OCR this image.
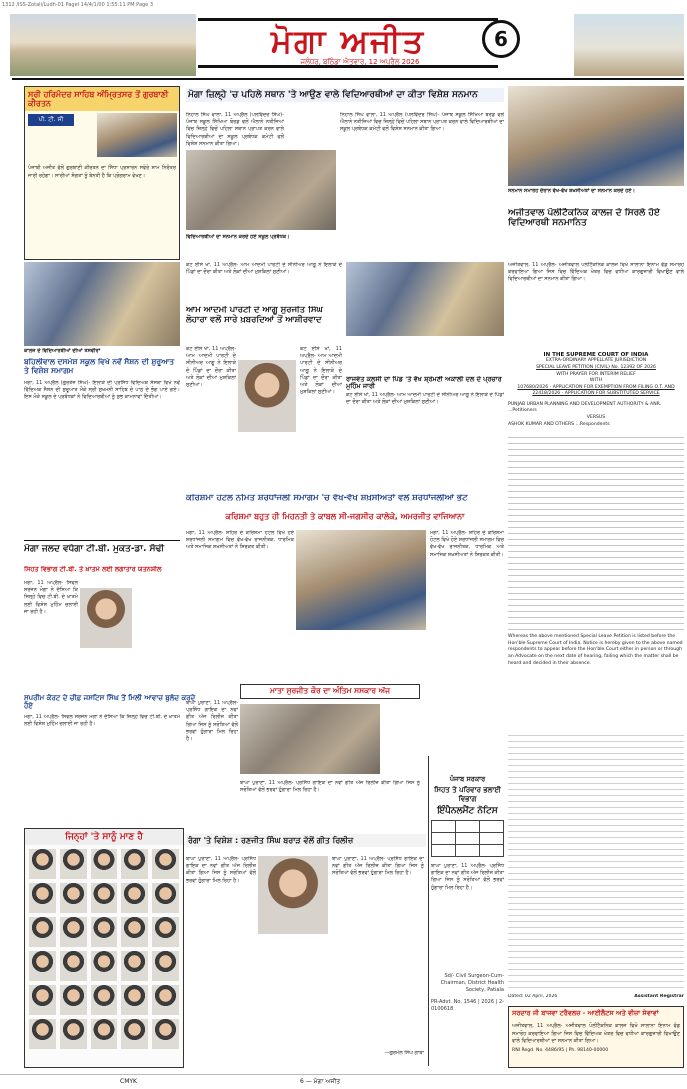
1312 /ISS-Zotali/Ludh-01 Pagel 14/4/1/00 1:55:11 PM Page 3
ਮੋਗਾ ਅਜੀਤ
ਜਲੰਧਰ, ਬਠਿੰਡਾ ਐਤਵਾਰ, 12 ਅਪ੍ਰੈਲ 2026
6
ਸ੍ਰੀ ਹਰਿਮੰਦਰ ਸਾਹਿਬ ਅੰਮ੍ਰਿਤਸਰ ਤੋਂ ਗੁਰਬਾਣੀ ਕੀਰਤਨ
ਪੀ. ਟੀ. ਸੀ
ਪੰਜਾਬੀ ਅਜੀਤ ਵੱਲੋਂ ਗੁਰਬਾਣੀ ਕੀਰਤਨ ਦਾ ਸਿੱਧਾ ਪ੍ਰਸਾਰਨ ਸਵੇਰੇ ਸ਼ਾਮ ਨਿਰੰਤਰ ਜਾਰੀ ਰਹੇਗਾ। ਸਾਰੀਆਂ ਸੰਗਤਾਂ ਨੂੰ ਬੇਨਤੀ ਹੈ ਕਿ ਪ੍ਰੋਗਰਾਮ ਵੇਖਣ।
ਕਾਲਜ ਦੇ ਵਿਦਿਆਰਥੀਆਂ ਦੀਆਂ ਤਸਵੀਰਾਂ
ਬਹਿਲੀਵਾਲ ਦਸਮੇਸ਼ ਸਕੂਲ ਵਿਖੇ ਨਵੇਂ ਸੈਸ਼ਨ ਦੀ ਸ਼ੁਰੂਆਤ ਤੇ ਵਿਸ਼ੇਸ਼ ਸਮਾਗਮ
ਮੋਗਾ, 11 ਅਪ੍ਰੈਲ (ਗੁਰਤੇਜ ਸਿੰਘ)- ਇਲਾਕੇ ਦੀ ਪ੍ਰਸਿੱਧ ਵਿਦਿਅਕ ਸੰਸਥਾ ਵਿਖੇ ਨਵੇਂ ਵਿੱਦਿਅਕ ਸੈਸ਼ਨ ਦੀ ਸ਼ੁਰੂਆਤ ਮੌਕੇ ਸ੍ਰੀ ਸੁਖਮਨੀ ਸਾਹਿਬ ਦੇ ਪਾਠ ਦੇ ਭੋਗ ਪਾਏ ਗਏ। ਇਸ ਮੌਕੇ ਸਕੂਲ ਦੇ ਪ੍ਰਬੰਧਕਾਂ ਨੇ ਵਿਦਿਆਰਥੀਆਂ ਨੂੰ ਸ਼ੁਭ ਕਾਮਨਾਵਾਂ ਦਿੱਤੀਆਂ।
ਮੋਗਾ ਜਲਦ ਵਧੇਗਾ ਟੀ.ਬੀ. ਮੁਕਤ-ਡਾ. ਸੋਢੀ
ਸਿਹਤ ਵਿਭਾਗ ਟੀ.ਬੀ. ਤੇ ਖ਼ਾਤਮੇ ਲਈ ਲਗਾਤਾਰ ਯਤਨਸ਼ੀਲ
ਮੋਗਾ, 11 ਅਪ੍ਰੈਲ- ਸਿਵਲ ਸਰਜਨ ਮੋਗਾ ਨੇ ਦੱਸਿਆ ਕਿ ਜ਼ਿਲ੍ਹੇ ਵਿਚ ਟੀ.ਬੀ. ਦੇ ਖ਼ਾਤਮੇ ਲਈ ਵਿਸ਼ੇਸ਼ ਮੁਹਿੰਮ ਚਲਾਈ ਜਾ ਰਹੀ ਹੈ।
ਸੁਪਰੀਮ ਕੋਰਟ ਦੇ ਚੀਫ਼ ਜਸਟਿਸ ਸਿੰਘ ਤੋਂ ਮਿਲੀ ਆਵਾਜ਼ ਬੁਲੰਦ ਕਰਦੇ ਹੋਏ
ਮੋਗਾ, 11 ਅਪ੍ਰੈਲ- ਸਿਵਲ ਸਰਜਨ ਮੋਗਾ ਨੇ ਦੱਸਿਆ ਕਿ ਜ਼ਿਲ੍ਹੇ ਵਿਚ ਟੀ.ਬੀ. ਦੇ ਖ਼ਾਤਮੇ ਲਈ ਵਿਸ਼ੇਸ਼ ਮੁਹਿੰਮ ਚਲਾਈ ਜਾ ਰਹੀ ਹੈ।
ਜਿਨ੍ਹਾਂ 'ਤੇ ਸਾਨੂੰ ਮਾਣ ਹੈ
ਮੋਗਾ ਜ਼ਿਲ੍ਹੇ 'ਚ ਪਹਿਲੇ ਸਥਾਨ 'ਤੇ ਆਉਣ ਵਾਲੇ ਵਿਦਿਆਰਥੀਆਂ ਦਾ ਕੀਤਾ ਵਿਸ਼ੇਸ਼ ਸਨਮਾਨ
ਨਿਹਾਲ ਸਿੰਘ ਵਾਲਾ, 11 ਅਪ੍ਰੈਲ (ਪਲਵਿੰਦਰ ਸਿੰਘ)- ਪੰਜਾਬ ਸਕੂਲ ਸਿੱਖਿਆ ਬੋਰਡ ਵਲੋਂ ਐਲਾਨੇ ਨਤੀਜਿਆਂ ਵਿਚ ਜ਼ਿਲ੍ਹੇ ਵਿਚੋਂ ਪਹਿਲਾ ਸਥਾਨ ਪ੍ਰਾਪਤ ਕਰਨ ਵਾਲੇ ਵਿਦਿਆਰਥੀਆਂ ਦਾ ਸਕੂਲ ਪ੍ਰਬੰਧਕ ਕਮੇਟੀ ਵਲੋਂ ਵਿਸ਼ੇਸ਼ ਸਨਮਾਨ ਕੀਤਾ ਗਿਆ।
ਵਿਦਿਆਰਥੀਆਂ ਦਾ ਸਨਮਾਨ ਕਰਦੇ ਹੋਏ ਸਕੂਲ ਪ੍ਰਬੰਧਕ।
ਨਿਹਾਲ ਸਿੰਘ ਵਾਲਾ, 11 ਅਪ੍ਰੈਲ (ਪਲਵਿੰਦਰ ਸਿੰਘ)- ਪੰਜਾਬ ਸਕੂਲ ਸਿੱਖਿਆ ਬੋਰਡ ਵਲੋਂ ਐਲਾਨੇ ਨਤੀਜਿਆਂ ਵਿਚ ਜ਼ਿਲ੍ਹੇ ਵਿਚੋਂ ਪਹਿਲਾ ਸਥਾਨ ਪ੍ਰਾਪਤ ਕਰਨ ਵਾਲੇ ਵਿਦਿਆਰਥੀਆਂ ਦਾ ਸਕੂਲ ਪ੍ਰਬੰਧਕ ਕਮੇਟੀ ਵਲੋਂ ਵਿਸ਼ੇਸ਼ ਸਨਮਾਨ ਕੀਤਾ ਗਿਆ।
ਕੋਟ ਈਸੇ ਖਾਂ, 11 ਅਪ੍ਰੈਲ- ਆਮ ਆਦਮੀ ਪਾਰਟੀ ਦੇ ਸੀਨੀਅਰ ਆਗੂ ਨੇ ਇਲਾਕੇ ਦੇ ਪਿੰਡਾਂ ਦਾ ਦੌਰਾ ਕੀਤਾ ਅਤੇ ਲੋਕਾਂ ਦੀਆਂ ਮੁਸ਼ਕਿਲਾਂ ਸੁਣੀਆਂ।
ਆਮ ਆਦਮੀ ਪਾਰਟੀ ਦੇ ਆਗੂ ਸੁਰਜੀਤ ਸਿੰਘ ਲੋਹਾਰਾ ਵਲੋਂ ਸਾਰੇ ਖ਼ਬਰਦਿਆਂ ਤੋਂ ਆਸ਼ੀਰਵਾਦ
ਕੋਟ ਈਸੇ ਖਾਂ, 11 ਅਪ੍ਰੈਲ- ਆਮ ਆਦਮੀ ਪਾਰਟੀ ਦੇ ਸੀਨੀਅਰ ਆਗੂ ਨੇ ਇਲਾਕੇ ਦੇ ਪਿੰਡਾਂ ਦਾ ਦੌਰਾ ਕੀਤਾ ਅਤੇ ਲੋਕਾਂ ਦੀਆਂ ਮੁਸ਼ਕਿਲਾਂ ਸੁਣੀਆਂ।
ਕੋਟ ਈਸੇ ਖਾਂ, 11 ਅਪ੍ਰੈਲ- ਆਮ ਆਦਮੀ ਪਾਰਟੀ ਦੇ ਸੀਨੀਅਰ ਆਗੂ ਨੇ ਇਲਾਕੇ ਦੇ ਪਿੰਡਾਂ ਦਾ ਦੌਰਾ ਕੀਤਾ ਅਤੇ ਲੋਕਾਂ ਦੀਆਂ ਮੁਸ਼ਕਿਲਾਂ ਸੁਣੀਆਂ।
ਰਾਜਵੰਤ ਕਲਸੀ ਦਾ ਪਿੰਡ 'ਤੇ ਵੱਖ ਸ਼੍ਰੋਮਣੀ ਅਕਾਲੀ ਦਲ ਦੇ ਪ੍ਰਚਾਰ ਮੁਹਿੰਮ ਜਾਰੀ
ਕੋਟ ਈਸੇ ਖਾਂ, 11 ਅਪ੍ਰੈਲ- ਆਮ ਆਦਮੀ ਪਾਰਟੀ ਦੇ ਸੀਨੀਅਰ ਆਗੂ ਨੇ ਇਲਾਕੇ ਦੇ ਪਿੰਡਾਂ ਦਾ ਦੌਰਾ ਕੀਤਾ ਅਤੇ ਲੋਕਾਂ ਦੀਆਂ ਮੁਸ਼ਕਿਲਾਂ ਸੁਣੀਆਂ।
ਕਰਿਸ਼ਮਾ ਹੋਟਲ ਨਮਿਤ ਸ਼ਰਧਾਂਜਲੀ ਸਮਾਗਮ 'ਚ ਵੱਖ-ਵੱਖ ਸ਼ਖ਼ਸੀਅਤਾਂ ਵਲੋਂ ਸ਼ਰਧਾਂਜਲੀਆਂ ਭੇਟ
ਕਰਿਸ਼ਮਾ ਬਹੁਤ ਹੀ ਮਿਹਨਤੀ ਤੇ ਕਾਬਲ ਸੀ-ਜਗਸੀਰ ਕਾਲੇਕੇ, ਅਮਰਜੀਤ ਵਾਜਿਆਨਾ
ਮੋਗਾ, 11 ਅਪ੍ਰੈਲ- ਸ਼ਹਿਰ ਦੇ ਕਰਿਸ਼ਮਾ ਹੋਟਲ ਵਿਖੇ ਹੋਏ ਸ਼ਰਧਾਂਜਲੀ ਸਮਾਗਮ ਵਿਚ ਵੱਖ-ਵੱਖ ਰਾਜਨੀਤਕ, ਧਾਰਮਿਕ ਅਤੇ ਸਮਾਜਿਕ ਸ਼ਖ਼ਸੀਅਤਾਂ ਨੇ ਸ਼ਿਰਕਤ ਕੀਤੀ।
ਮੋਗਾ, 11 ਅਪ੍ਰੈਲ- ਸ਼ਹਿਰ ਦੇ ਕਰਿਸ਼ਮਾ ਹੋਟਲ ਵਿਖੇ ਹੋਏ ਸ਼ਰਧਾਂਜਲੀ ਸਮਾਗਮ ਵਿਚ ਵੱਖ-ਵੱਖ ਰਾਜਨੀਤਕ, ਧਾਰਮਿਕ ਅਤੇ ਸਮਾਜਿਕ ਸ਼ਖ਼ਸੀਅਤਾਂ ਨੇ ਸ਼ਿਰਕਤ ਕੀਤੀ।
ਮਾਤਾ ਸੁਰਜੀਤ ਕੌਰ ਦਾ ਅੰਤਿਮ ਸਸਕਾਰ ਅੱਜ
ਬਾਘਾ ਪੁਰਾਣਾ, 11 ਅਪ੍ਰੈਲ- ਪ੍ਰਸਿੱਧ ਗਾਇਕ ਦਾ ਨਵਾਂ ਗੀਤ ਅੱਜ ਰਿਲੀਜ਼ ਕੀਤਾ ਗਿਆ ਜਿਸ ਨੂੰ ਸਰੋਤਿਆਂ ਵੱਲੋਂ ਭਰਵਾਂ ਹੁੰਗਾਰਾ ਮਿਲ ਰਿਹਾ ਹੈ।
ਬਾਘਾ ਪੁਰਾਣਾ, 11 ਅਪ੍ਰੈਲ- ਪ੍ਰਸਿੱਧ ਗਾਇਕ ਦਾ ਨਵਾਂ ਗੀਤ ਅੱਜ ਰਿਲੀਜ਼ ਕੀਤਾ ਗਿਆ ਜਿਸ ਨੂੰ ਸਰੋਤਿਆਂ ਵੱਲੋਂ ਭਰਵਾਂ ਹੁੰਗਾਰਾ ਮਿਲ ਰਿਹਾ ਹੈ।
ਰੰਗਾ 'ਤੇ ਵਿਸ਼ੇਸ਼ : ਰਣਜੀਤ ਸਿੰਘ ਬਰਾੜ ਵੱਲੋਂ ਗੀਤ ਰਿਲੀਜ਼
ਬਾਘਾ ਪੁਰਾਣਾ, 11 ਅਪ੍ਰੈਲ- ਪ੍ਰਸਿੱਧ ਗਾਇਕ ਦਾ ਨਵਾਂ ਗੀਤ ਅੱਜ ਰਿਲੀਜ਼ ਕੀਤਾ ਗਿਆ ਜਿਸ ਨੂੰ ਸਰੋਤਿਆਂ ਵੱਲੋਂ ਭਰਵਾਂ ਹੁੰਗਾਰਾ ਮਿਲ ਰਿਹਾ ਹੈ।
ਬਾਘਾ ਪੁਰਾਣਾ, 11 ਅਪ੍ਰੈਲ- ਪ੍ਰਸਿੱਧ ਗਾਇਕ ਦਾ ਨਵਾਂ ਗੀਤ ਅੱਜ ਰਿਲੀਜ਼ ਕੀਤਾ ਗਿਆ ਜਿਸ ਨੂੰ ਸਰੋਤਿਆਂ ਵੱਲੋਂ ਭਰਵਾਂ ਹੁੰਗਾਰਾ ਮਿਲ ਰਿਹਾ ਹੈ।
—ਗੁਰਮੇਲ ਸਿੰਘ ਗਾਬਾ
ਪੰਜਾਬ ਸਰਕਾਰ
ਸਿਹਤ ਤੇ ਪਰਿਵਾਰ ਭਲਾਈ ਵਿਭਾਗ
ਇੰਪੈਨਲਮੈਂਟ ਨੋਟਿਸ

ਬਾਘਾ ਪੁਰਾਣਾ, 11 ਅਪ੍ਰੈਲ- ਪ੍ਰਸਿੱਧ ਗਾਇਕ ਦਾ ਨਵਾਂ ਗੀਤ ਅੱਜ ਰਿਲੀਜ਼ ਕੀਤਾ ਗਿਆ ਜਿਸ ਨੂੰ ਸਰੋਤਿਆਂ ਵੱਲੋਂ ਭਰਵਾਂ ਹੁੰਗਾਰਾ ਮਿਲ ਰਿਹਾ ਹੈ।
Sd/- Civil Surgeon-Cum- Chairman, District Health Society, Patiala
PR-Advt. No. 1546 | 2026 | 2-0100618
ਸਨਮਾਨ ਸਮਾਰੋਹ ਦੌਰਾਨ ਵੱਖ-ਵੱਖ ਸ਼ਖ਼ਸੀਅਤਾਂ ਦਾ ਸਨਮਾਨ ਕਰਦੇ ਹੋਏ।
ਅਜੀਤਵਾਲ ਪੋਲੀਟੈਕਨਿਕ ਕਾਲਜ ਦੇ ਸਿਰਲੇ ਹੋਏ ਵਿਦਿਆਰਥੀ ਸਨਮਾਨਿਤ
ਅਜੀਤਵਾਲ, 11 ਅਪ੍ਰੈਲ- ਅਜੀਤਵਾਲ ਪੋਲੀਟੈਕਨਿਕ ਕਾਲਜ ਵਿਖੇ ਸਾਲਾਨਾ ਇਨਾਮ ਵੰਡ ਸਮਾਰੋਹ ਕਰਵਾਇਆ ਗਿਆ ਜਿਸ ਵਿਚ ਵਿੱਦਿਅਕ ਖੇਤਰ ਵਿਚ ਵਧੀਆ ਕਾਰਗੁਜ਼ਾਰੀ ਵਿਖਾਉਣ ਵਾਲੇ ਵਿਦਿਆਰਥੀਆਂ ਦਾ ਸਨਮਾਨ ਕੀਤਾ ਗਿਆ।
IN THE SUPREME COURT OF INDIA
EXTRA-ORDINARY APPELLATE JURISDICTION
SPECIAL LEAVE PETITION (CIVIL) No. 12392 OF 2026
WITH PRAYER FOR INTERIM RELIEF
WITH
107680/2026 - APPLICATION FOR EXEMPTION FROM FILING O.T. AND
22418/2026 - APPLICATION FOR SUBSTITUTED SERVICE
PUNJAB URBAN PLANNING AND DEVELOPMENT AUTHORITY & ANR. ...Petitioners
VERSUS
ASHOK KUMAR AND OTHERS ...Respondents
Whereas the above mentioned Special Leave Petition is listed before the Hon'ble Supreme Court of India. Notice is hereby given to the above named respondents to appear before the Hon'ble Court either in person or through an Advocate on the next date of hearing, failing which the matter shall be heard and decided in their absence.
Dated: 02 April, 2026	Assistant Registrar
ਸਰਦਾਰ ਜੀ ਬਾਜਵਾ ਟਰੈਵਲਜ਼ - ਆਈਲੈਟਸ ਅਤੇ ਵੀਜ਼ਾ ਸੇਵਾਵਾਂ
ਅਜੀਤਵਾਲ, 11 ਅਪ੍ਰੈਲ- ਅਜੀਤਵਾਲ ਪੋਲੀਟੈਕਨਿਕ ਕਾਲਜ ਵਿਖੇ ਸਾਲਾਨਾ ਇਨਾਮ ਵੰਡ ਸਮਾਰੋਹ ਕਰਵਾਇਆ ਗਿਆ ਜਿਸ ਵਿਚ ਵਿੱਦਿਅਕ ਖੇਤਰ ਵਿਚ ਵਧੀਆ ਕਾਰਗੁਜ਼ਾਰੀ ਵਿਖਾਉਣ ਵਾਲੇ ਵਿਦਿਆਰਥੀਆਂ ਦਾ ਸਨਮਾਨ ਕੀਤਾ ਗਿਆ।
RNI Regd. No. 4486/95 | Ph. 98140-00000
CMYK	6 — ਮੋਗਾ ਅਜੀਤ
